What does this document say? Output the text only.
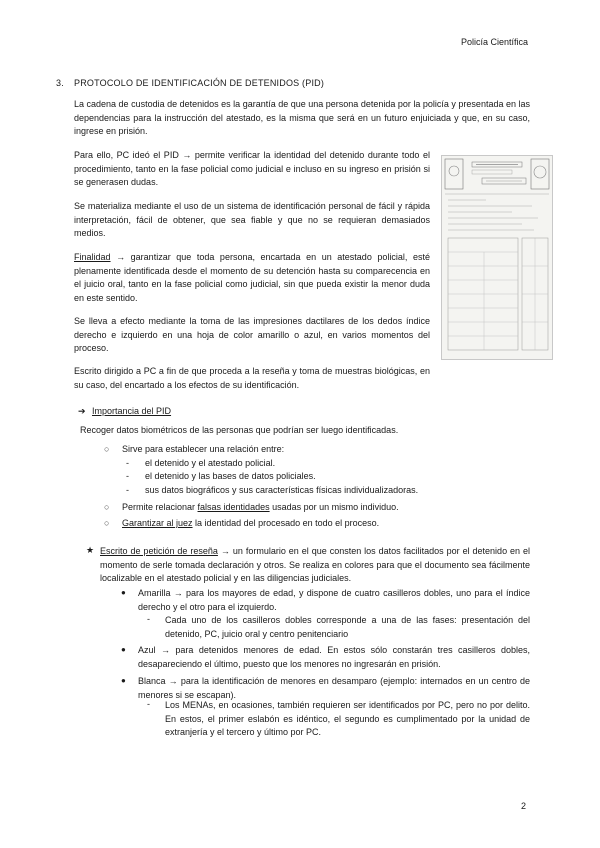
Policía Científica
3. PROTOCOLO DE IDENTIFICACIÓN DE DETENIDOS (PID)

La cadena de custodia de detenidos es la garantía de que una persona detenida por la policía y presentada en las dependencias para la instrucción del atestado, es la misma que será en un futuro enjuiciada y que, en su caso, ingrese en prisión.

Para ello, PC ideó el PID → permite verificar la identidad del detenido durante todo el procedimiento, tanto en la fase policial como judicial e incluso en su ingreso en prisión si se generasen dudas.

Se materializa mediante el uso de un sistema de identificación personal de fácil y rápida interpretación, fácil de obtener, que sea fiable y que no se requieran demasiados medios.

Finalidad → garantizar que toda persona, encartada en un atestado policial, esté plenamente identificada desde el momento de su detención hasta su comparecencia en el juicio oral, tanto en la fase policial como judicial, sin que pueda existir la menor duda en este sentido.

Se lleva a efecto mediante la toma de las impresiones dactilares de los dedos índice derecho e izquierdo en una hoja de color amarillo o azul, en varios momentos del proceso.

Escrito dirigido a PC a fin de que proceda a la reseña y toma de muestras biológicas, en su caso, del encartado a los efectos de su identificación.

➔ Importancia del PID
Recoger datos biométricos de las personas que podrían ser luego identificadas.
○ Sirve para establecer una relación entre:
- el detenido y el atestado policial.
- el detenido y las bases de datos policiales.
- sus datos biográficos y sus características físicas individualizadoras.
○ Permite relacionar falsas identidades usadas por un mismo individuo.
○ Garantizar al juez la identidad del procesado en todo el proceso.
★ Escrito de petición de reseña → un formulario en el que consten los datos facilitados por el detenido en el momento de serle tomada declaración y otros. Se realiza en colores para que el documento sea fácilmente localizable en el atestado policial y en las diligencias judiciales.

● Amarilla → para los mayores de edad, y dispone de cuatro casilleros dobles, uno para el índice derecho y el otro para el izquierdo.

- Cada uno de los casilleros dobles corresponde a una de las fases: presentación del detenido, PC, juicio oral y centro penitenciario

● Azul → para detenidos menores de edad. En estos sólo constarán tres casilleros dobles, desapareciendo el último, puesto que los menores no ingresarán en prisión.

● Blanca → para la identificación de menores en desamparo (ejemplo: internados en un centro de menores si se escapan).

- Los MENAs, en ocasiones, también requieren ser identificados por PC, pero no por delito. En estos, el primer eslabón es idéntico, el segundo es cumplimentado por la unidad de extranjería y el tercero y último por PC.

2
